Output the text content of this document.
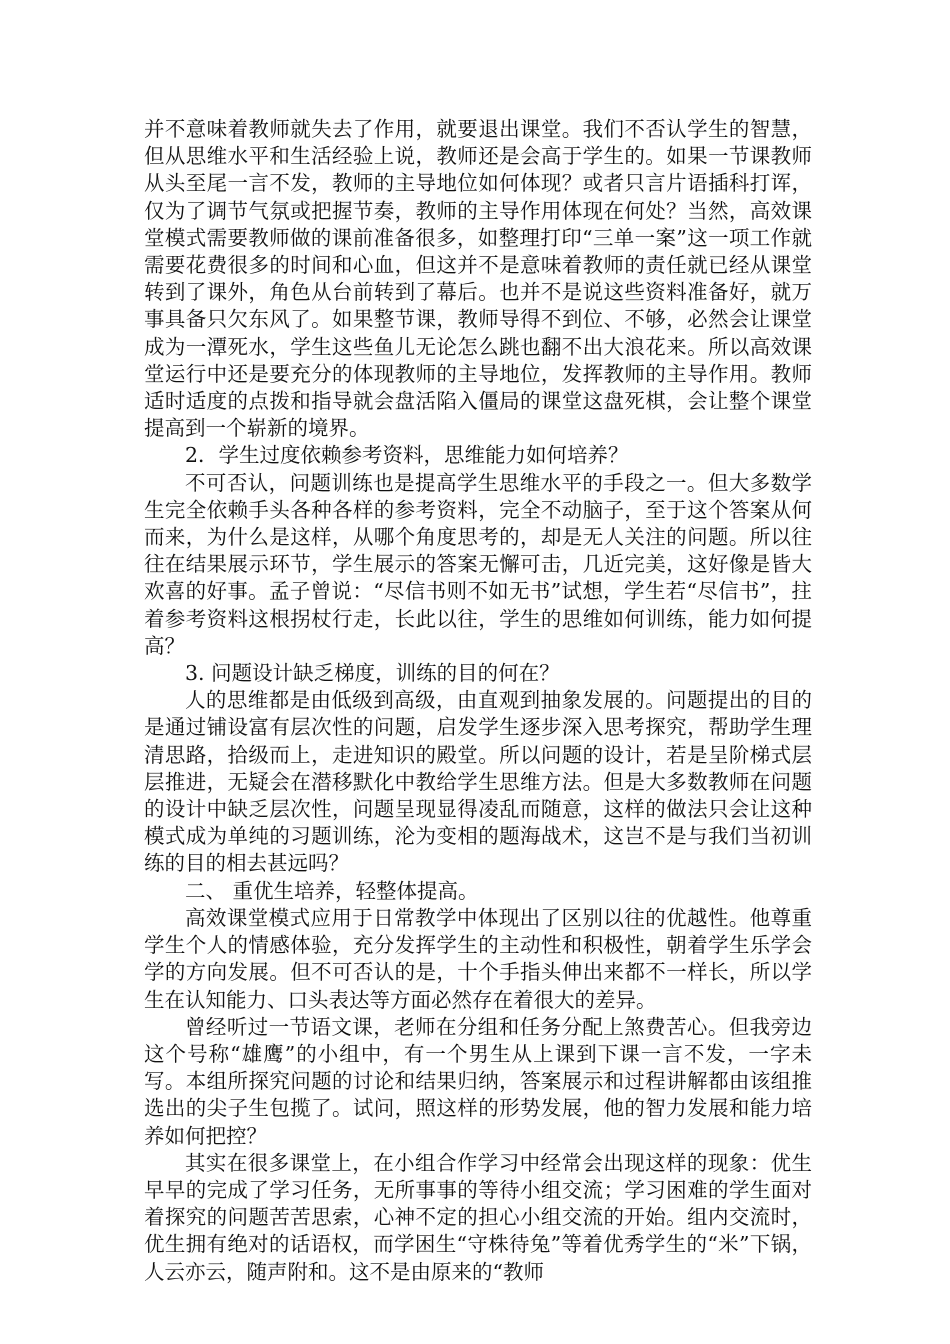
并不意味着教师就失去了作用，就要退出课堂。我们不否认学生的智慧，但从思维水平和生活经验上说，教师还是会高于学生的。如果一节课教师从头至尾一言不发，教师的主导地位如何体现？或者只言片语插科打诨，仅为了调节气氛或把握节奏，教师的主导作用体现在何处？当然，高效课堂模式需要教师做的课前准备很多，如整理打印“三单一案”这一项工作就需要花费很多的时间和心血，但这并不是意味着教师的责任就已经从课堂转到了课外，角色从台前转到了幕后。也并不是说这些资料准备好，就万事具备只欠东风了。如果整节课，教师导得不到位、不够，必然会让课堂成为一潭死水，学生这些鱼儿无论怎么跳也翻不出大浪花来。所以高效课堂运行中还是要充分的体现教师的主导地位，发挥教师的主导作用。教师适时适度的点拨和指导就会盘活陷入僵局的课堂这盘死棋，会让整个课堂提高到一个崭新的境界。

2．学生过度依赖参考资料，思维能力如何培养？

不可否认，问题训练也是提高学生思维水平的手段之一。但大多数学生完全依赖手头各种各样的参考资料，完全不动脑子，至于这个答案从何而来，为什么是这样，从哪个角度思考的，却是无人关注的问题。所以往往在结果展示环节，学生展示的答案无懈可击，几近完美，这好像是皆大欢喜的好事。孟子曾说：“尽信书则不如无书”试想，学生若“尽信书”，拄着参考资料这根拐杖行走，长此以往，学生的思维如何训练，能力如何提高？

3. 问题设计缺乏梯度，训练的目的何在？

人的思维都是由低级到高级，由直观到抽象发展的。问题提出的目的是通过铺设富有层次性的问题，启发学生逐步深入思考探究，帮助学生理清思路，拾级而上，走进知识的殿堂。所以问题的设计，若是呈阶梯式层层推进，无疑会在潜移默化中教给学生思维方法。但是大多数教师在问题的设计中缺乏层次性，问题呈现显得凌乱而随意，这样的做法只会让这种模式成为单纯的习题训练，沦为变相的题海战术，这岂不是与我们当初训练的目的相去甚远吗？

二、 重优生培养，轻整体提高。

高效课堂模式应用于日常教学中体现出了区别以往的优越性。他尊重学生个人的情感体验，充分发挥学生的主动性和积极性，朝着学生乐学会学的方向发展。但不可否认的是，十个手指头伸出来都不一样长，所以学生在认知能力、口头表达等方面必然存在着很大的差异。

曾经听过一节语文课，老师在分组和任务分配上煞费苦心。但我旁边这个号称“雄鹰”的小组中，有一个男生从上课到下课一言不发，一字未写。本组所探究问题的讨论和结果归纳，答案展示和过程讲解都由该组推选出的尖子生包揽了。试问，照这样的形势发展，他的智力发展和能力培养如何把控？

其实在很多课堂上，在小组合作学习中经常会出现这样的现象：优生早早的完成了学习任务，无所事事的等待小组交流；学习困难的学生面对着探究的问题苦苦思索，心神不定的担心小组交流的开始。组内交流时，优生拥有绝对的话语权，而学困生“守株待兔”等着优秀学生的“米”下锅，人云亦云，随声附和。这不是由原来的“教师
